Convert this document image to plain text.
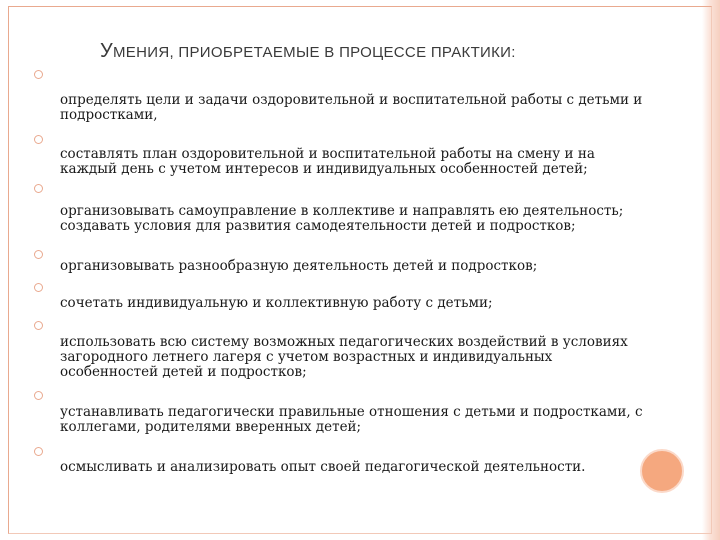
УМЕНИЯ, ПРИОБРЕТАЕМЫЕ В ПРОЦЕССЕ ПРАКТИКИ:
определять цели и задачи оздоровительной и воспитательной работы с детьми и
подростками,
составлять план оздоровительной и воспитательной работы на смену и на
каждый день с учетом интересов и индивидуальных особенностей детей;
организовывать самоуправление в коллективе и направлять ею деятельность;
создавать условия для развития самодеятельности детей и подростков;
организовывать разнообразную деятельность детей и подростков;
сочетать индивидуальную и коллективную работу с детьми;
использовать всю систему возможных педагогических воздействий в условиях
загородного летнего лагеря с учетом возрастных и индивидуальных
особенностей детей и подростков;
устанавливать педагогически правильные отношения с детьми и подростками, с
коллегами, родителями вверенных детей;
осмысливать и анализировать опыт своей педагогической деятельности.
